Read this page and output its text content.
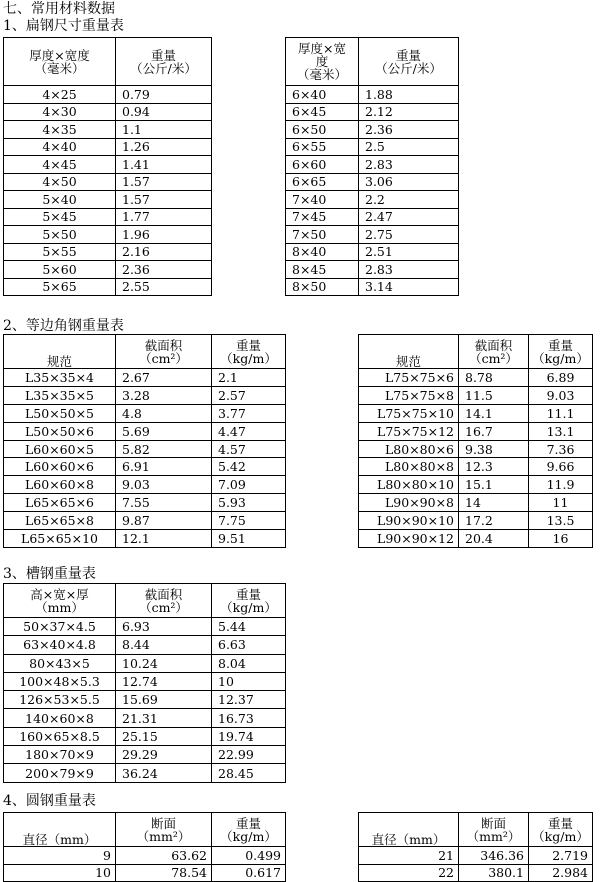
七、常用材料数据
1、扁钢尺寸重量表
厚度×宽度
（毫米）	重量
（公斤/米）		厚度×宽
度
（毫米）	重量
（公斤/米）

4×25	0.79		6×40	1.88
4×30	0.94		6×45	2.12
4×35	1.1		6×50	2.36
4×40	1.26		6×55	2.5
4×45	1.41		6×60	2.83
4×50	1.57		6×65	3.06
5×40	1.57		7×40	2.2
5×45	1.77		7×45	2.47
5×50	1.96		7×50	2.75
5×55	2.16		8×40	2.51
5×60	2.36		8×45	2.83
5×65	2.55		8×50	3.14
2、等边角钢重量表
规范	截面积
（cm²）	重量
（kg/m）		规范	截面积
（cm²）	重量
（kg/m）

L35×35×4	2.67	2.1		L75×75×6	8.78	6.89
L35×35×5	3.28	2.57		L75×75×8	11.5	9.03
L50×50×5	4.8	3.77		L75×75×10	14.1	11.1
L50×50×6	5.69	4.47		L75×75×12	16.7	13.1
L60×60×5	5.82	4.57		L80×80×6	9.38	7.36
L60×60×6	6.91	5.42		L80×80×8	12.3	9.66
L60×60×8	9.03	7.09		L80×80×10	15.1	11.9
L65×65×6	7.55	5.93		L90×90×8	14	11
L65×65×8	9.87	7.75		L90×90×10	17.2	13.5
L65×65×10	12.1	9.51		L90×90×12	20.4	16
3、槽钢重量表
高×宽×厚
（mm）	截面积
（cm²）	重量
（kg/m）

50×37×4.5	6.93	5.44
63×40×4.8	8.44	6.63
80×43×5	10.24	8.04
100×48×5.3	12.74	10
126×53×5.5	15.69	12.37
140×60×8	21.31	16.73
160×65×8.5	25.15	19.74
180×70×9	29.29	22.99
200×79×9	36.24	28.45
4、圆钢重量表
直径（mm）	断面
（mm²）	重量
（kg/m）		直径（mm）	断面
（mm²）	重量
（kg/m）

9	63.62	0.499		21	346.36	2.719
10	78.54	0.617		22	380.1	2.984
